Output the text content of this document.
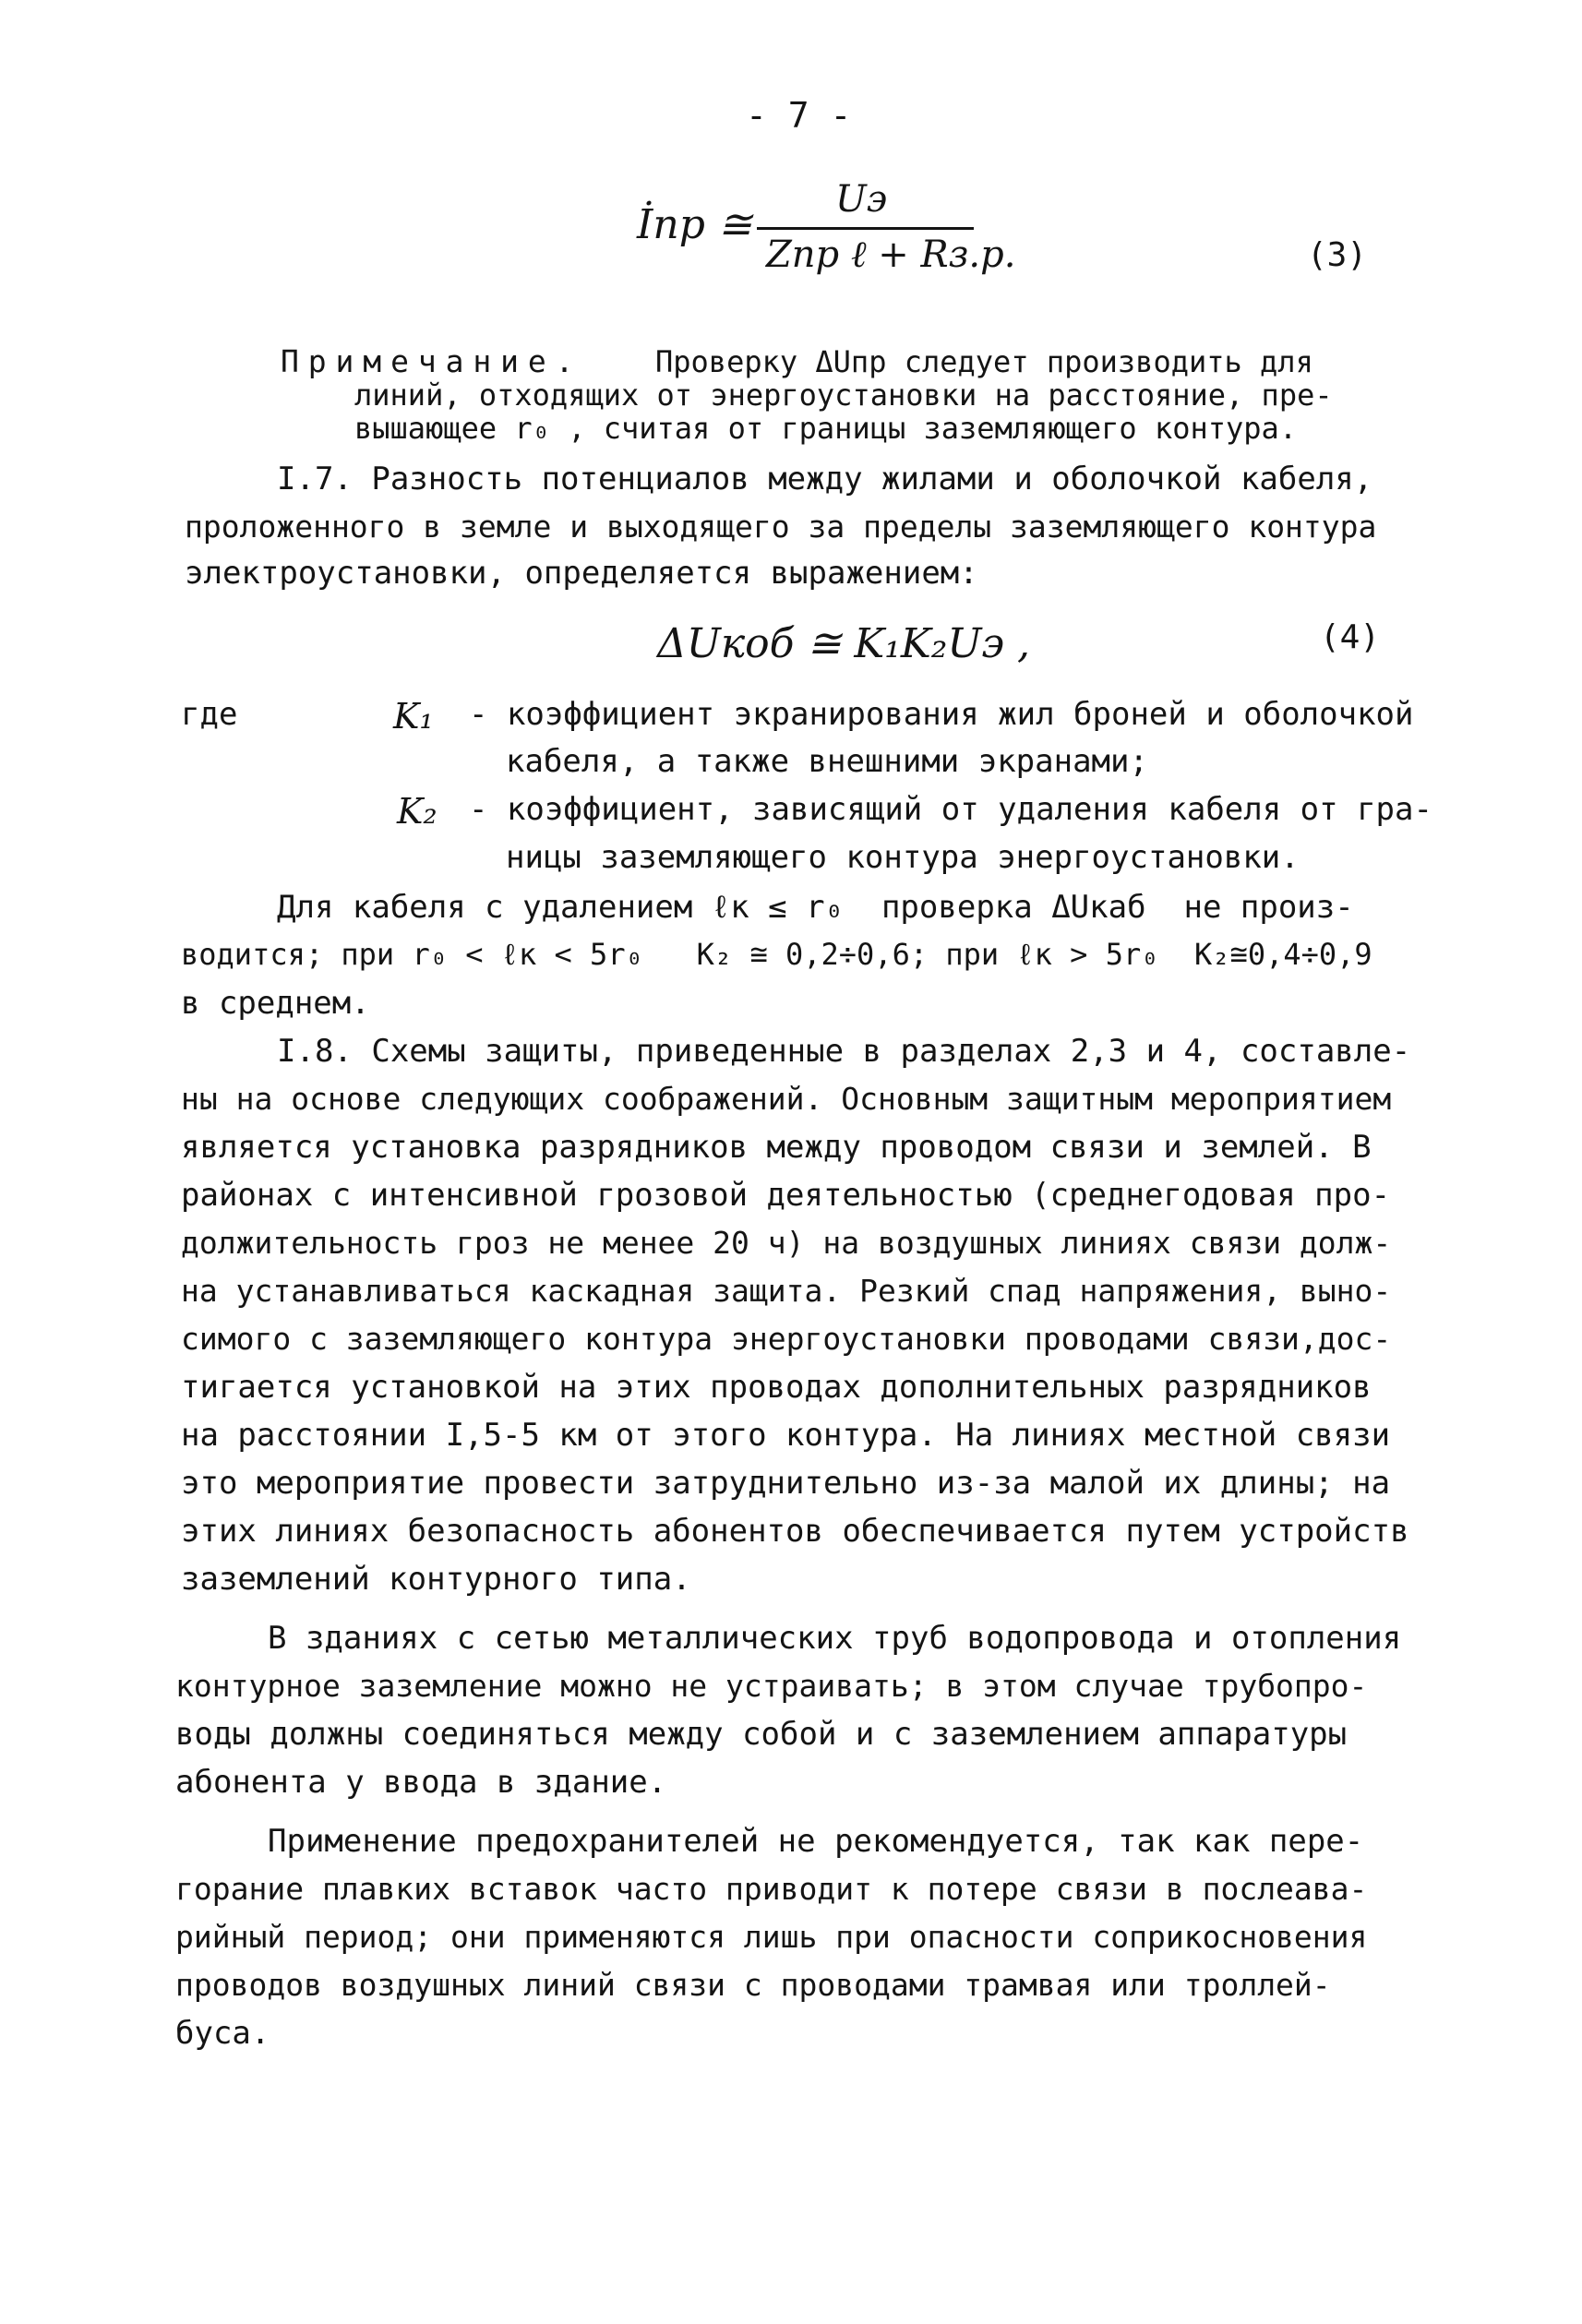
- 7 -
İпр ≅
Uэ
Zпр ℓ + Rз.р.	(3)
Примечание. Проверку ΔUпр следует производить для
линий, отходящих от энергоустановки на расстояние, пре-
вышающее r₀ , считая от границы заземляющего контура.
I.7. Разность потенциалов между жилами и оболочкой кабеля,
проложенного в земле и выходящего за пределы заземляющего контура
электроустановки, определяется выражением:
ΔUкоб ≅ K₁K₂Uэ ,	(4)
где	K₁ - коэффициент экранирования жил броней и оболочкой
кабеля, а также внешними экранами;
K₂ - коэффициент, зависящий от удаления кабеля от гра-
ницы заземляющего контура энергоустановки.
Для кабеля с удалением ℓк ≤ r₀  проверка ΔUкаб  не произ-
водится; при r₀ < ℓк < 5r₀   K₂ ≅ 0,2÷0,6; при ℓк > 5r₀  K₂≅0,4÷0,9
в среднем.
I.8. Схемы защиты, приведенные в разделах 2,3 и 4, составле-
ны на основе следующих соображений. Основным защитным мероприятием
является установка разрядников между проводом связи и землей. В
районах с интенсивной грозовой деятельностью (среднегодовая про-
должительность гроз не менее 20 ч) на воздушных линиях связи долж-
на устанавливаться каскадная защита. Резкий спад напряжения, выно-
симого с заземляющего контура энергоустановки проводами связи,дос-
тигается установкой на этих проводах дополнительных разрядников
на расстоянии I,5-5 км от этого контура. На линиях местной связи
это мероприятие провести затруднительно из-за малой их длины; на
этих линиях безопасность абонентов обеспечивается путем устройств
заземлений контурного типа.
В зданиях с сетью металлических труб водопровода и отопления
контурное заземление можно не устраивать; в этом случае трубопро-
воды должны соединяться между собой и с заземлением аппаратуры
абонента у ввода в здание.
Применение предохранителей не рекомендуется, так как пере-
горание плавких вставок часто приводит к потере связи в послеава-
рийный период; они применяются лишь при опасности соприкосновения
проводов воздушных линий связи с проводами трамвая или троллей-
буса.
